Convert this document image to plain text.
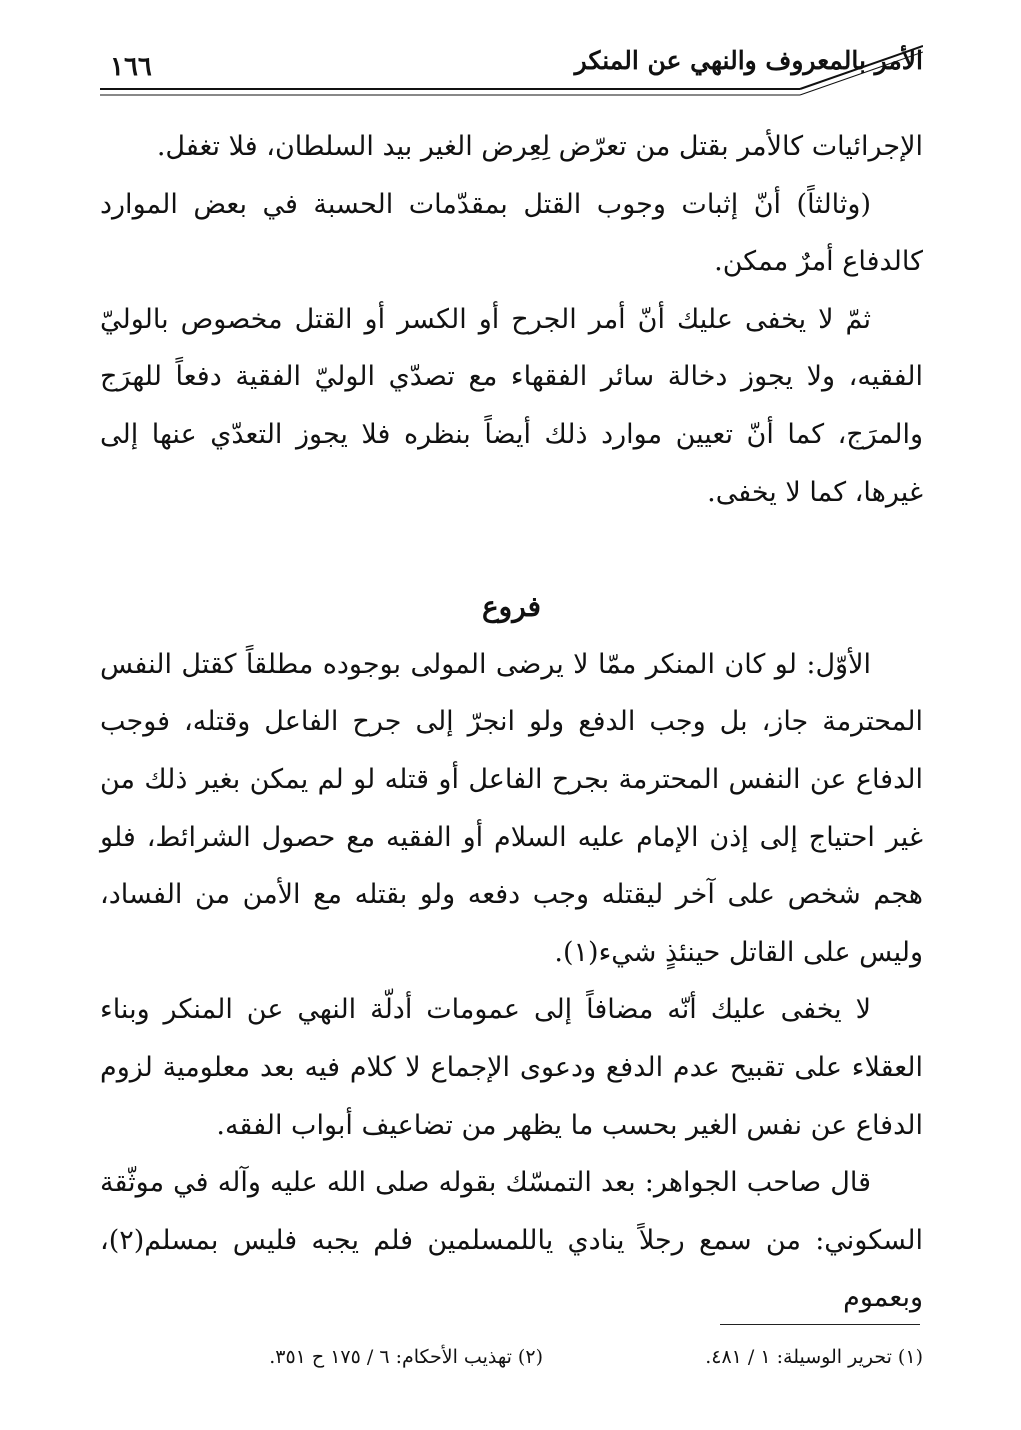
الأمر بالمعروف والنهي عن المنكر
١٦٦

الإجرائيات كالأمر بقتل من تعرّض لِعِرض الغير بيد السلطان، فلا تغفل.

(وثالثاً) أنّ إثبات وجوب القتل بمقدّمات الحسبة في بعض الموارد كالدفاع أمرٌ ممكن.

ثمّ لا يخفى عليك أنّ أمر الجرح أو الكسر أو القتل مخصوص بالوليّ الفقيه، ولا يجوز دخالة سائر الفقهاء مع تصدّي الوليّ الفقية دفعاً للهرَج والمرَج، كما أنّ تعيين موارد ذلك أيضاً بنظره فلا يجوز التعدّي عنها إلى غيرها، كما لا يخفى.

فروع

الأوّل: لو كان المنكر ممّا لا يرضى المولى بوجوده مطلقاً كقتل النفس المحترمة جاز، بل وجب الدفع ولو انجرّ إلى جرح الفاعل وقتله، فوجب الدفاع عن النفس المحترمة بجرح الفاعل أو قتله لو لم يمكن بغير ذلك من غير احتياج إلى إذن الإمام عليه السلام أو الفقيه مع حصول الشرائط، فلو هجم شخص على آخر ليقتله وجب دفعه ولو بقتله مع الأمن من الفساد، وليس على القاتل حينئذٍ شيء(١).

لا يخفى عليك أنّه مضافاً إلى عمومات أدلّة النهي عن المنكر وبناء العقلاء على تقبيح عدم الدفع ودعوى الإجماع لا كلام فيه بعد معلومية لزوم الدفاع عن نفس الغير بحسب ما يظهر من تضاعيف أبواب الفقه.

قال صاحب الجواهر: بعد التمسّك بقوله صلى الله عليه وآله في موثّقة السكوني: من سمع رجلاً ينادي ياللمسلمين فلم يجبه فليس بمسلم(٢)، وبعموم

(١) تحرير الوسيلة: ١ / ٤٨١.
(٢) تهذيب الأحكام: ٦ / ١٧٥ ح ٣٥١.
